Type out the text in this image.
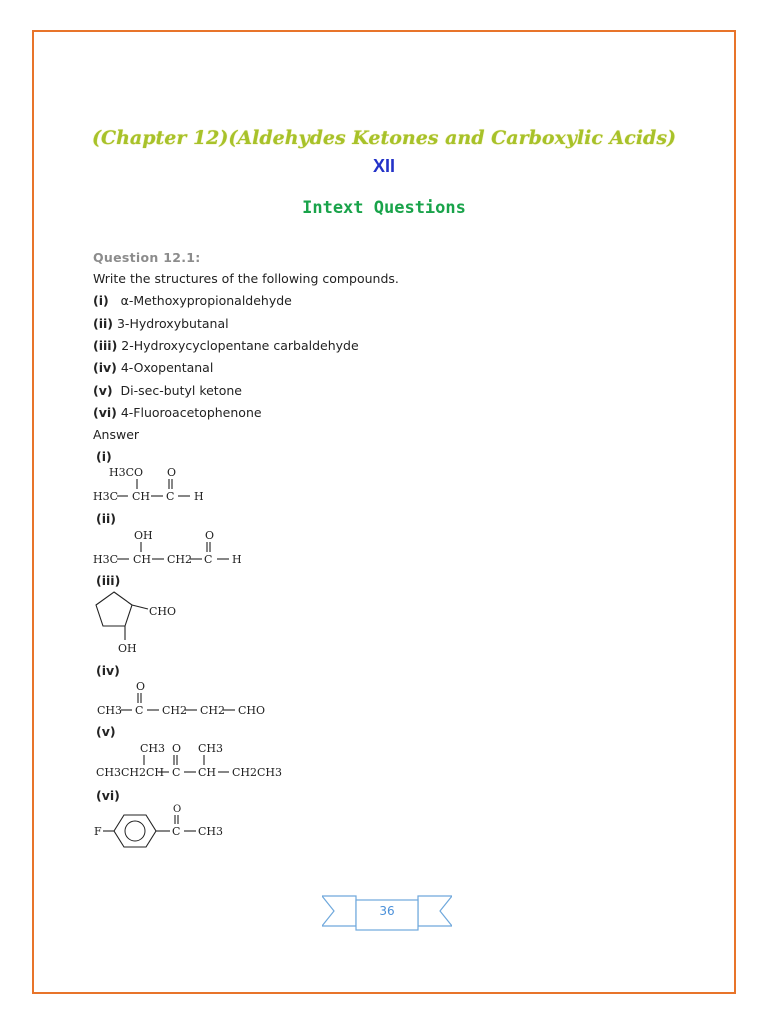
(Chapter 12)(Aldehydes Ketones and Carboxylic Acids)
XII
Intext Questions
Question 12.1:
Write the structures of the following compounds.
(i) α-Methoxypropionaldehyde
(ii) 3-Hydroxybutanal
(iii) 2-Hydroxycyclopentane carbaldehyde
(iv) 4-Oxopentanal
(v) Di-sec-butyl ketone
(vi) 4-Fluoroacetophenone
Answer
(i)
H3CO O
H3C CH C H
(ii)
OH	O
H3C CH CH2 C H
(iii)
CHO
OH
(iv)
O
CH3 C CH2 CH2 CHO
(v)
CH3 O CH3
CH3CH2CH C CH CH2CH3
(vi)
F
O
C CH3
36
